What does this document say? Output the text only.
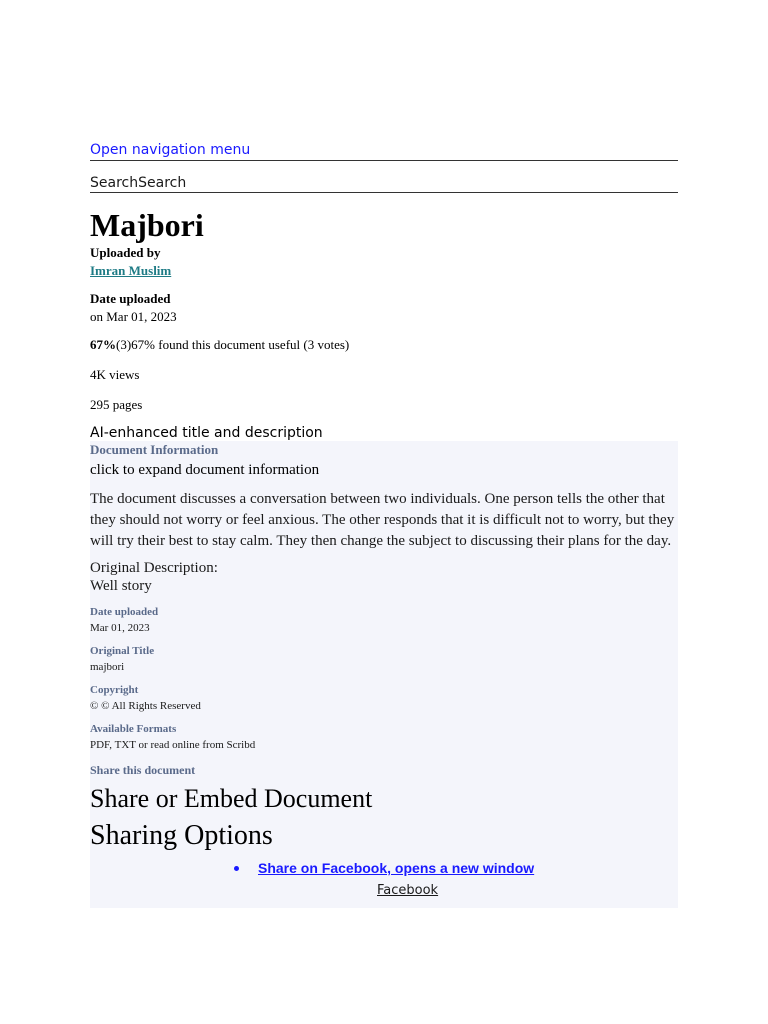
Open navigation menu
SearchSearch
Majbori
Uploaded by
Imran Muslim
Date uploaded
on Mar 01, 2023
67%(3)67% found this document useful (3 votes)
4K views
295 pages
AI-enhanced title and description
Document Information
click to expand document information
The document discusses a conversation between two individuals. One person tells the other that they should not worry or feel anxious. The other responds that it is difficult not to worry, but they will try their best to stay calm. They then change the subject to discussing their plans for the day.
Original Description:
Well story
Date uploaded
Mar 01, 2023
Original Title
majbori
Copyright
© © All Rights Reserved
Available Formats
PDF, TXT or read online from Scribd
Share this document
Share or Embed Document
Sharing Options
Share on Facebook, opens a new window
Facebook
